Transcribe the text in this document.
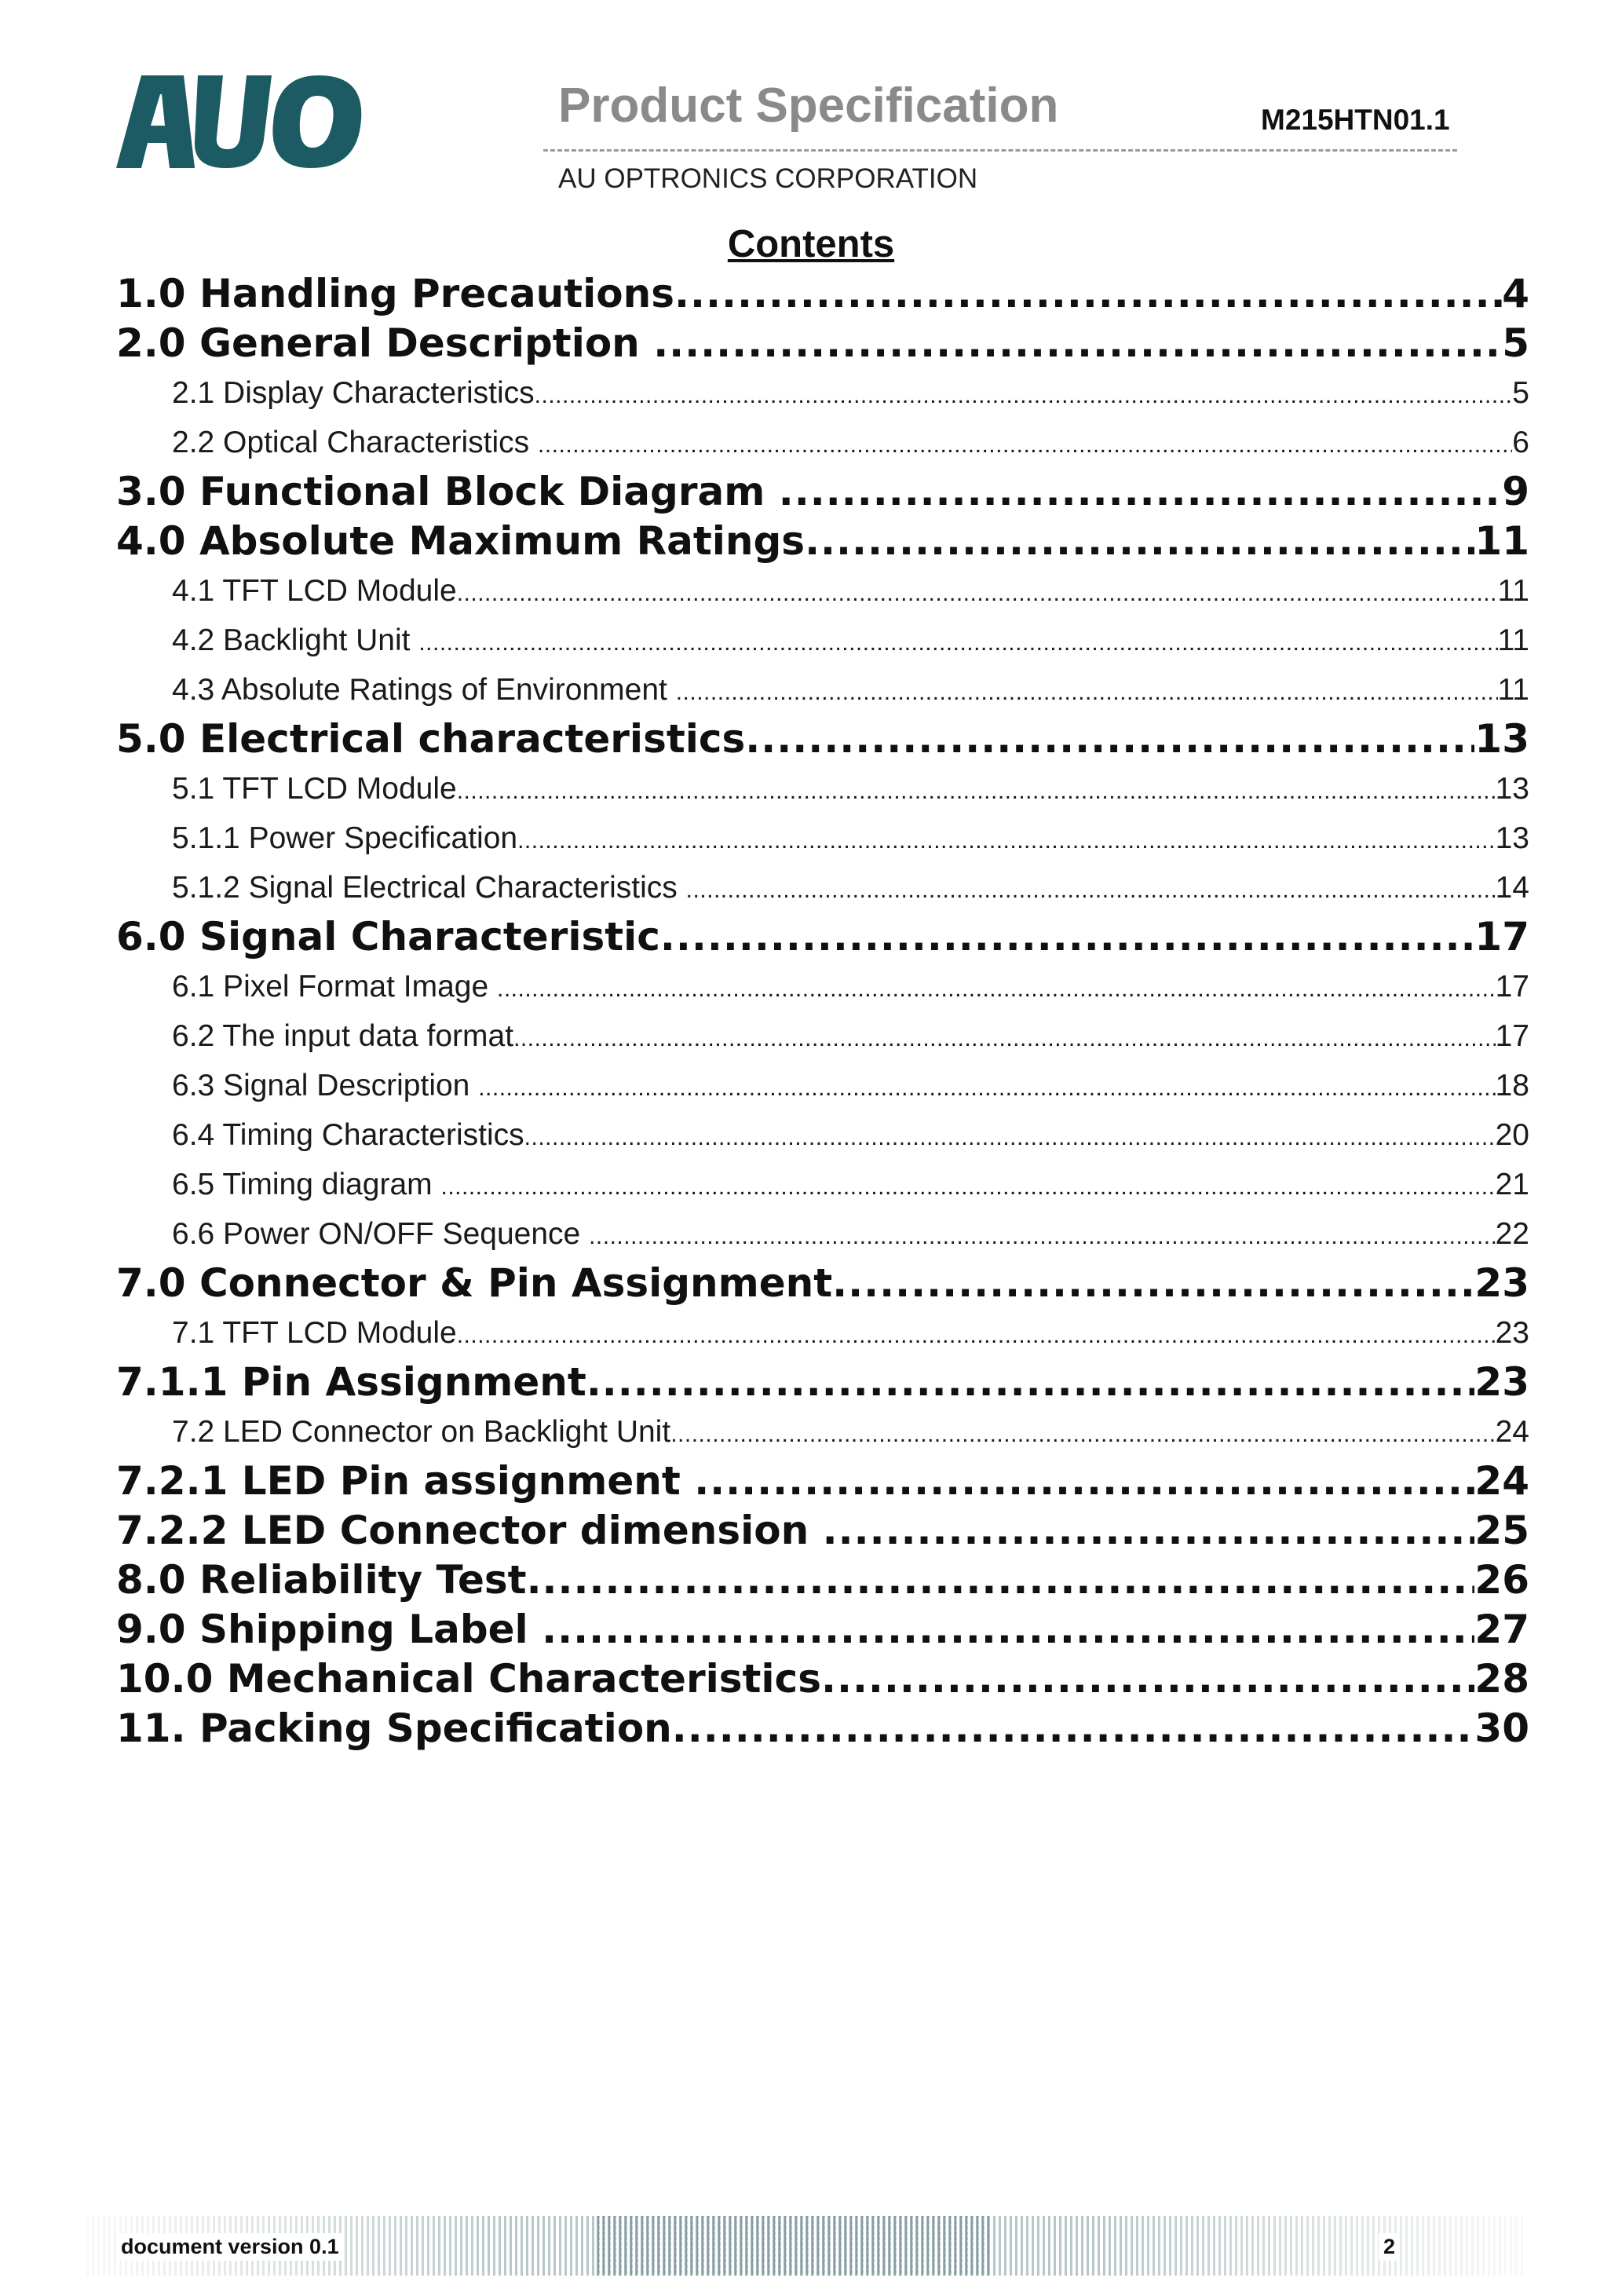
Product Specification	M215HTN01.1
AU OPTRONICS CORPORATION
Contents
1.0 Handling Precautions .....	4
2.0 General Description .....	5
2.1 Display Characteristics .....	5
2.2 Optical Characteristics .....	6
3.0 Functional Block Diagram .....	9
4.0 Absolute Maximum Ratings .....	11
4.1 TFT LCD Module .....	11
4.2 Backlight Unit .....	11
4.3 Absolute Ratings of Environment .....	11
5.0 Electrical characteristics .....	13
5.1 TFT LCD Module .....	13
5.1.1 Power Specification .....	13
5.1.2 Signal Electrical Characteristics .....	14
6.0 Signal Characteristic .....	17
6.1 Pixel Format Image .....	17
6.2 The input data format .....	17
6.3 Signal Description .....	18
6.4 Timing Characteristics .....	20
6.5 Timing diagram .....	21
6.6 Power ON/OFF Sequence .....	22
7.0 Connector & Pin Assignment .....	23
7.1 TFT LCD Module .....	23
7.1.1 Pin Assignment .....	23
7.2 LED Connector on Backlight Unit .....	24
7.2.1 LED Pin assignment .....	24
7.2.2 LED Connector dimension .....	25
8.0 Reliability Test .....	26
9.0 Shipping Label .....	27
10.0 Mechanical Characteristics .....	28
11. Packing Specification .....	30
document version 0.1	2
